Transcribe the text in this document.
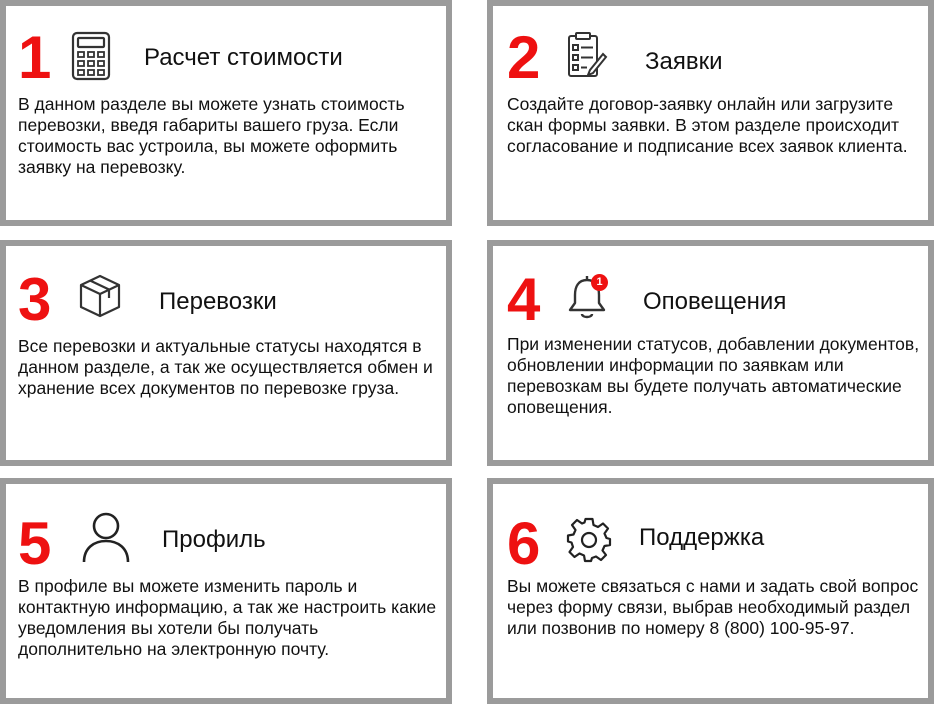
1	Расчет стоимости
В данном разделе вы можете узнать стоимость перевозки, введя габариты вашего груза. Если стоимость вас устроила, вы можете оформить заявку на перевозку.
2	Заявки
Создайте договор-заявку онлайн или загрузите скан формы заявки. В этом разделе происходит согласование и подписание всех заявок клиента.
3	Перевозки
Все перевозки и актуальные статусы находятся в данном разделе, а так же осуществляется обмен и хранение всех документов по перевозке груза.
4	1
Оповещения
При изменении статусов, добавлении документов, обновлении информации по заявкам или перевозкам вы будете получать автоматические оповещения.
5	Профиль
В профиле вы можете изменить пароль и контактную информацию, а так же настроить какие уведомления вы хотели бы получать дополнительно на электронную почту.
6	Поддержка
Вы можете связаться с нами и задать свой вопрос через форму связи, выбрав необходимый раздел или позвонив по номеру 8 (800) 100-95-97.
